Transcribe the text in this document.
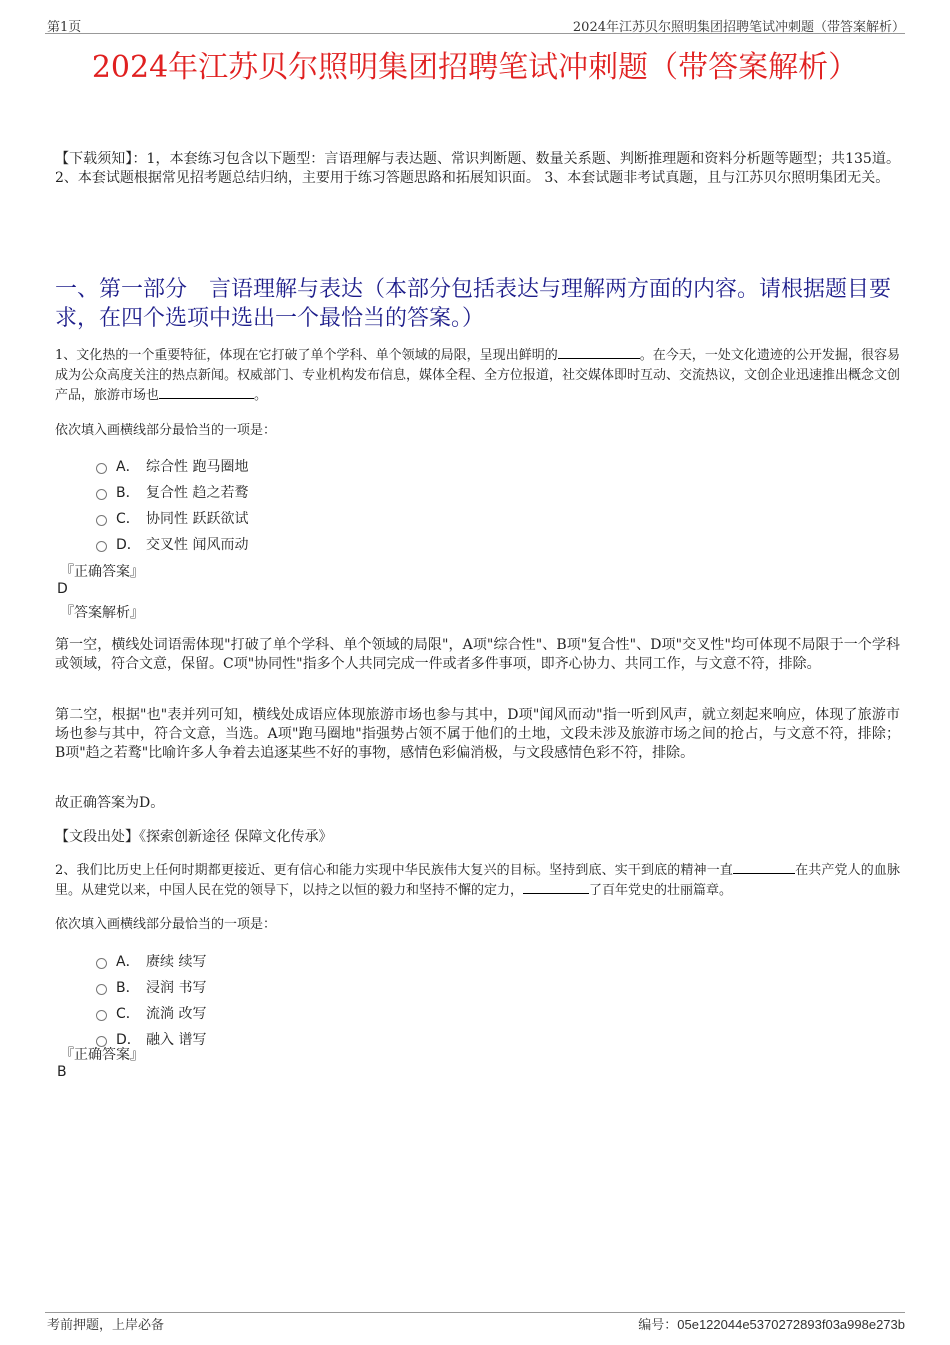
第1页	2024年江苏贝尔照明集团招聘笔试冲刺题（带答案解析）
2024年江苏贝尔照明集团招聘笔试冲刺题（带答案解析）
【下载须知】：1，本套练习包含以下题型：言语理解与表达题、常识判断题、数量关系题、判断推理题和资料分析题等题型；共135道。 2、本套试题根据常见招考题总结归纳，主要用于练习答题思路和拓展知识面。 3、本套试题非考试真题，且与江苏贝尔照明集团无关。
一、第一部分　言语理解与表达（本部分包括表达与理解两方面的内容。请根据题目要求，在四个选项中选出一个最恰当的答案。）
1、文化热的一个重要特征，体现在它打破了单个学科、单个领域的局限，呈现出鲜明的	。在今天，一处文化遗迹的公开发掘，很容易成为公众高度关注的热点新闻。权威部门、专业机构发布信息，媒体全程、全方位报道，社交媒体即时互动、交流热议，文创企业迅速推出概念文创产品，旅游市场也	。
依次填入画横线部分最恰当的一项是：
A． 综合性 跑马圈地
B． 复合性 趋之若鹜
C． 协同性 跃跃欲试
D． 交叉性 闻风而动
『正确答案』
D
『答案解析』
第一空，横线处词语需体现"打破了单个学科、单个领域的局限"，A项"综合性"、B项"复合性"、D项"交叉性"均可体现不局限于一个学科或领域，符合文意，保留。C项"协同性"指多个人共同完成一件或者多件事项，即齐心协力、共同工作，与文意不符，排除。
第二空，根据"也"表并列可知，横线处成语应体现旅游市场也参与其中，D项"闻风而动"指一听到风声，就立刻起来响应，体现了旅游市场也参与其中，符合文意，当选。A项"跑马圈地"指强势占领不属于他们的土地，文段未涉及旅游市场之间的抢占，与文意不符，排除；B项"趋之若鹜"比喻许多人争着去追逐某些不好的事物，感情色彩偏消极，与文段感情色彩不符，排除。
故正确答案为D。
【文段出处】《探索创新途径 保障文化传承》
2、我们比历史上任何时期都更接近、更有信心和能力实现中华民族伟大复兴的目标。坚持到底、实干到底的精神一直	在共产党人的血脉里。从建党以来，中国人民在党的领导下，以持之以恒的毅力和坚持不懈的定力，	了百年党史的壮丽篇章。
依次填入画横线部分最恰当的一项是：
A． 赓续 续写
B． 浸润 书写
C． 流淌 改写
D． 融入 谱写
『正确答案』
B
考前押题，上岸必备	编号：05e122044e5370272893f03a998e273b
